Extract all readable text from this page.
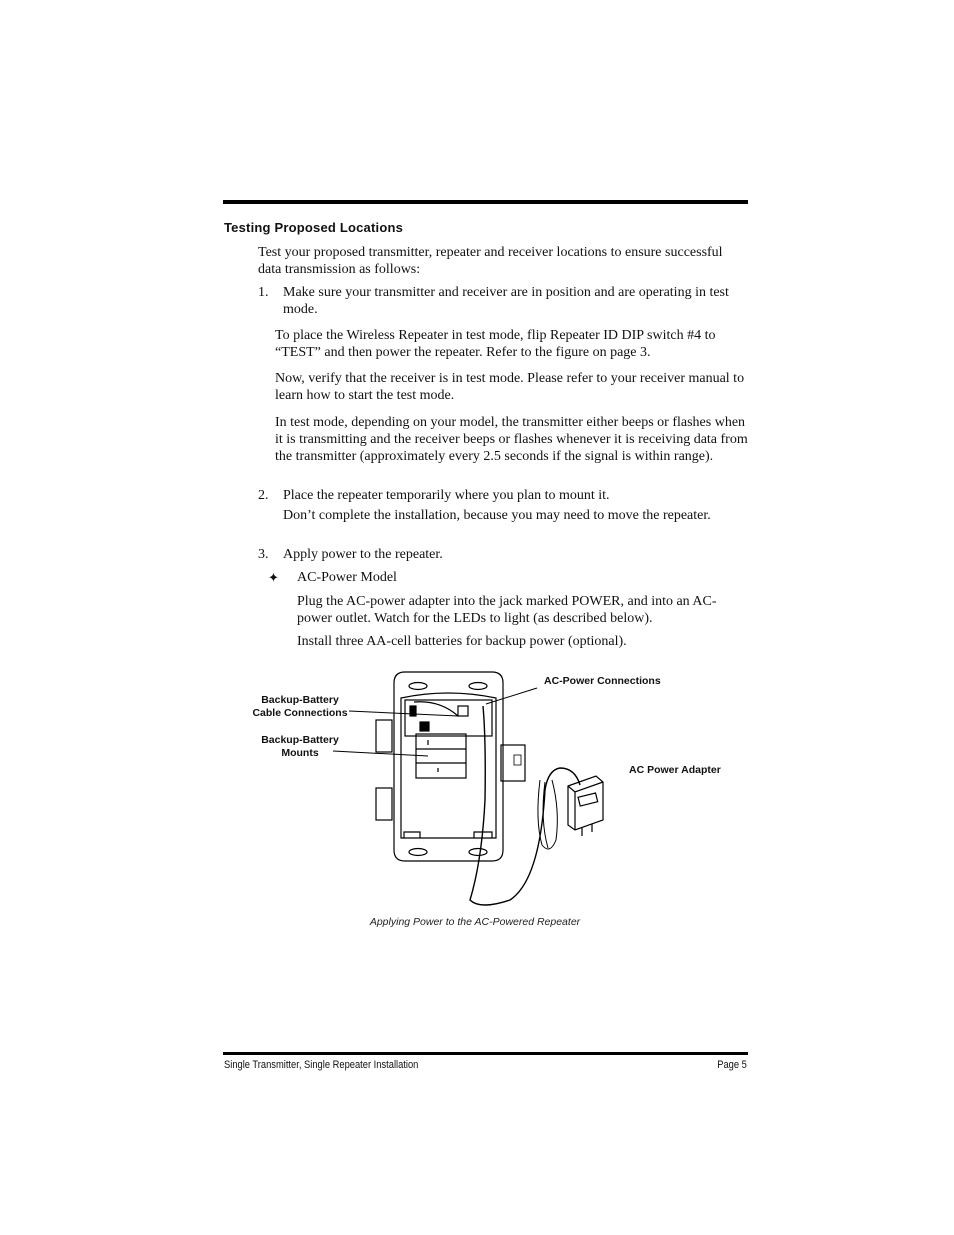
Testing Proposed Locations

Test your proposed transmitter, repeater and receiver locations to ensure successful data transmission as follows:

1. Make sure your transmitter and receiver are in position and are operating in test mode.

To place the Wireless Repeater in test mode, flip Repeater ID DIP switch #4 to “TEST” and then power the repeater. Refer to the figure on page 3.

Now, verify that the receiver is in test mode. Please refer to your receiver manual to learn how to start the test mode.

In test mode, depending on your model, the transmitter either beeps or flashes when it is transmitting and the receiver beeps or flashes whenever it is receiving data from the transmitter (approximately every 2.5 seconds if the signal is within range).

2. Place the repeater temporarily where you plan to mount it.

Don’t complete the installation, because you may need to move the repeater.

3. Apply power to the repeater.

✦ AC-Power Model

Plug the AC-power adapter into the jack marked POWER, and into an AC-power outlet. Watch for the LEDs to light (as described below).

Install three AA-cell batteries for backup power (optional).

Backup-Battery
Cable Connections
Backup-Battery
Mounts
AC-Power Connections
AC Power Adapter
Applying Power to the AC-Powered Repeater
Single Transmitter, Single Repeater Installation	Page 5
